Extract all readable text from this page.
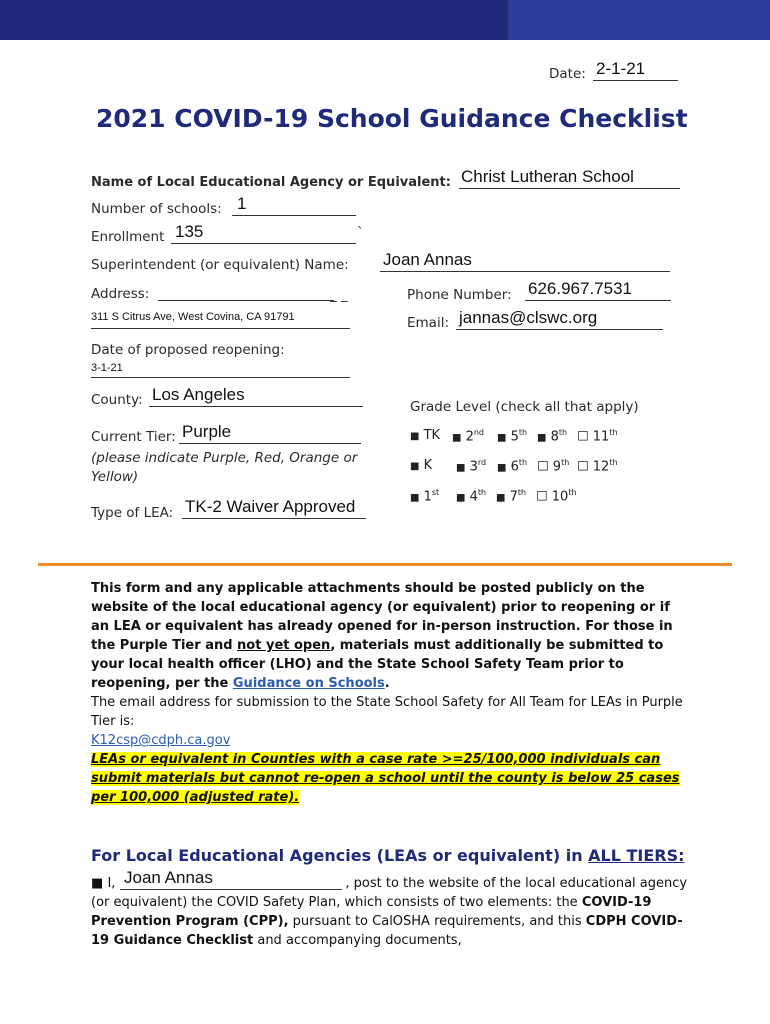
Date: 2-1-21
2021 COVID-19 School Guidance Checklist
Name of Local Educational Agency or Equivalent: Christ Lutheran School
Number of schools: 1
Enrollment 135	`
Superintendent (or equivalent) Name: Joan Annas
Address:	_ _
311 S Citrus Ave, West Covina, CA 91791
Phone Number: 626.967.7531
Email: jannas@clswc.org
Date of proposed reopening:
3-1-21
County: Los Angeles
Grade Level (check all that apply)
Current Tier: Purple
(please indicate Purple, Red, Orange or Yellow)
Type of LEA: TK-2 Waiver Approved
■ TK ■ 2nd ■ 5th ■ 8th ☐ 11th
■ K ■ 3rd ■ 6th ☐ 9th ☐ 12th
■ 1st ■ 4th ■ 7th ☐ 10th
This form and any applicable attachments should be posted publicly on the website of the local educational agency (or equivalent) prior to reopening or if an LEA or equivalent has already opened for in-person instruction. For those in the Purple Tier and not yet open, materials must additionally be submitted to your local health officer (LHO) and the State School Safety Team prior to reopening, per the Guidance on Schools.
The email address for submission to the State School Safety for All Team for LEAs in Purple Tier is:
K12csp@cdph.ca.gov
LEAs or equivalent in Counties with a case rate >=25/100,000 individuals can submit materials but cannot re-open a school until the county is below 25 cases per 100,000 (adjusted rate).
For Local Educational Agencies (LEAs or equivalent) in ALL TIERS:
Joan Annas
■ I,	, post to the website of the local educational agency (or equivalent) the COVID Safety Plan, which consists of two elements: the COVID-19 Prevention Program (CPP), pursuant to CalOSHA requirements, and this CDPH COVID-19 Guidance Checklist and accompanying documents,
